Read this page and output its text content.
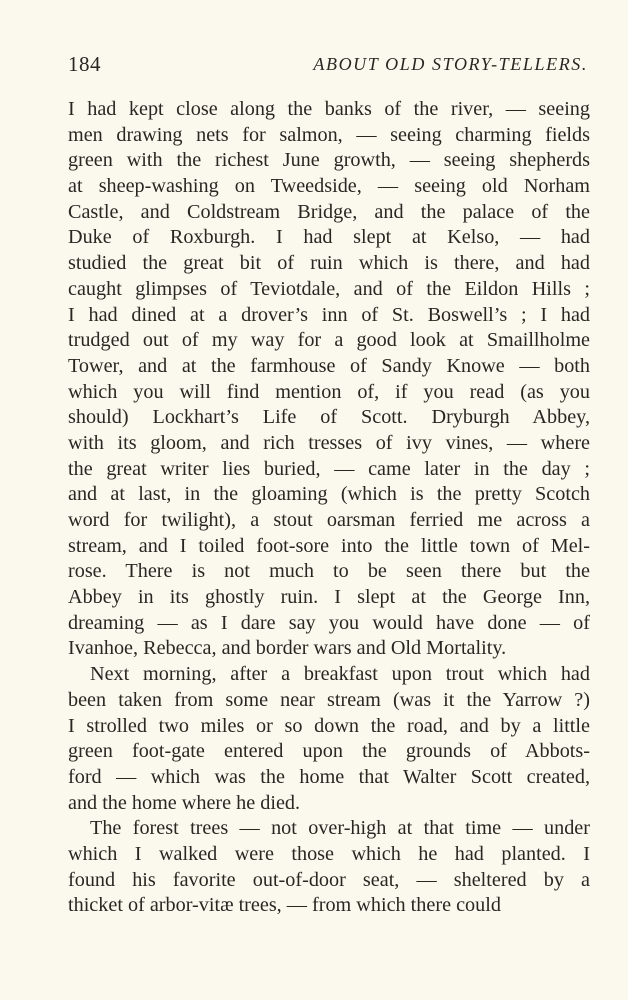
184	ABOUT OLD STORY-TELLERS.
I had kept close along the banks of the river, — seeing
men drawing nets for salmon, — seeing charming fields
green with the richest June growth, — seeing shepherds
at sheep-washing on Tweedside, — seeing old Norham
Castle, and Coldstream Bridge, and the palace of the
Duke of Roxburgh. I had slept at Kelso, — had
studied the great bit of ruin which is there, and had
caught glimpses of Teviotdale, and of the Eildon Hills ;
I had dined at a drover’s inn of St. Boswell’s ; I had
trudged out of my way for a good look at Smaillholme
Tower, and at the farmhouse of Sandy Knowe — both
which you will find mention of, if you read (as you
should) Lockhart’s Life of Scott. Dryburgh Abbey,
with its gloom, and rich tresses of ivy vines, — where
the great writer lies buried, — came later in the day ;
and at last, in the gloaming (which is the pretty Scotch
word for twilight), a stout oarsman ferried me across a
stream, and I toiled foot-sore into the little town of Mel-
rose. There is not much to be seen there but the
Abbey in its ghostly ruin. I slept at the George Inn,
dreaming — as I dare say you would have done — of
Ivanhoe, Rebecca, and border wars and Old Mortality.
Next morning, after a breakfast upon trout which had
been taken from some near stream (was it the Yarrow ?)
I strolled two miles or so down the road, and by a little
green foot-gate entered upon the grounds of Abbots-
ford — which was the home that Walter Scott created,
and the home where he died.
The forest trees — not over-high at that time — under
which I walked were those which he had planted. I
found his favorite out-of-door seat, — sheltered by a
thicket of arbor-vitæ trees, — from which there could
